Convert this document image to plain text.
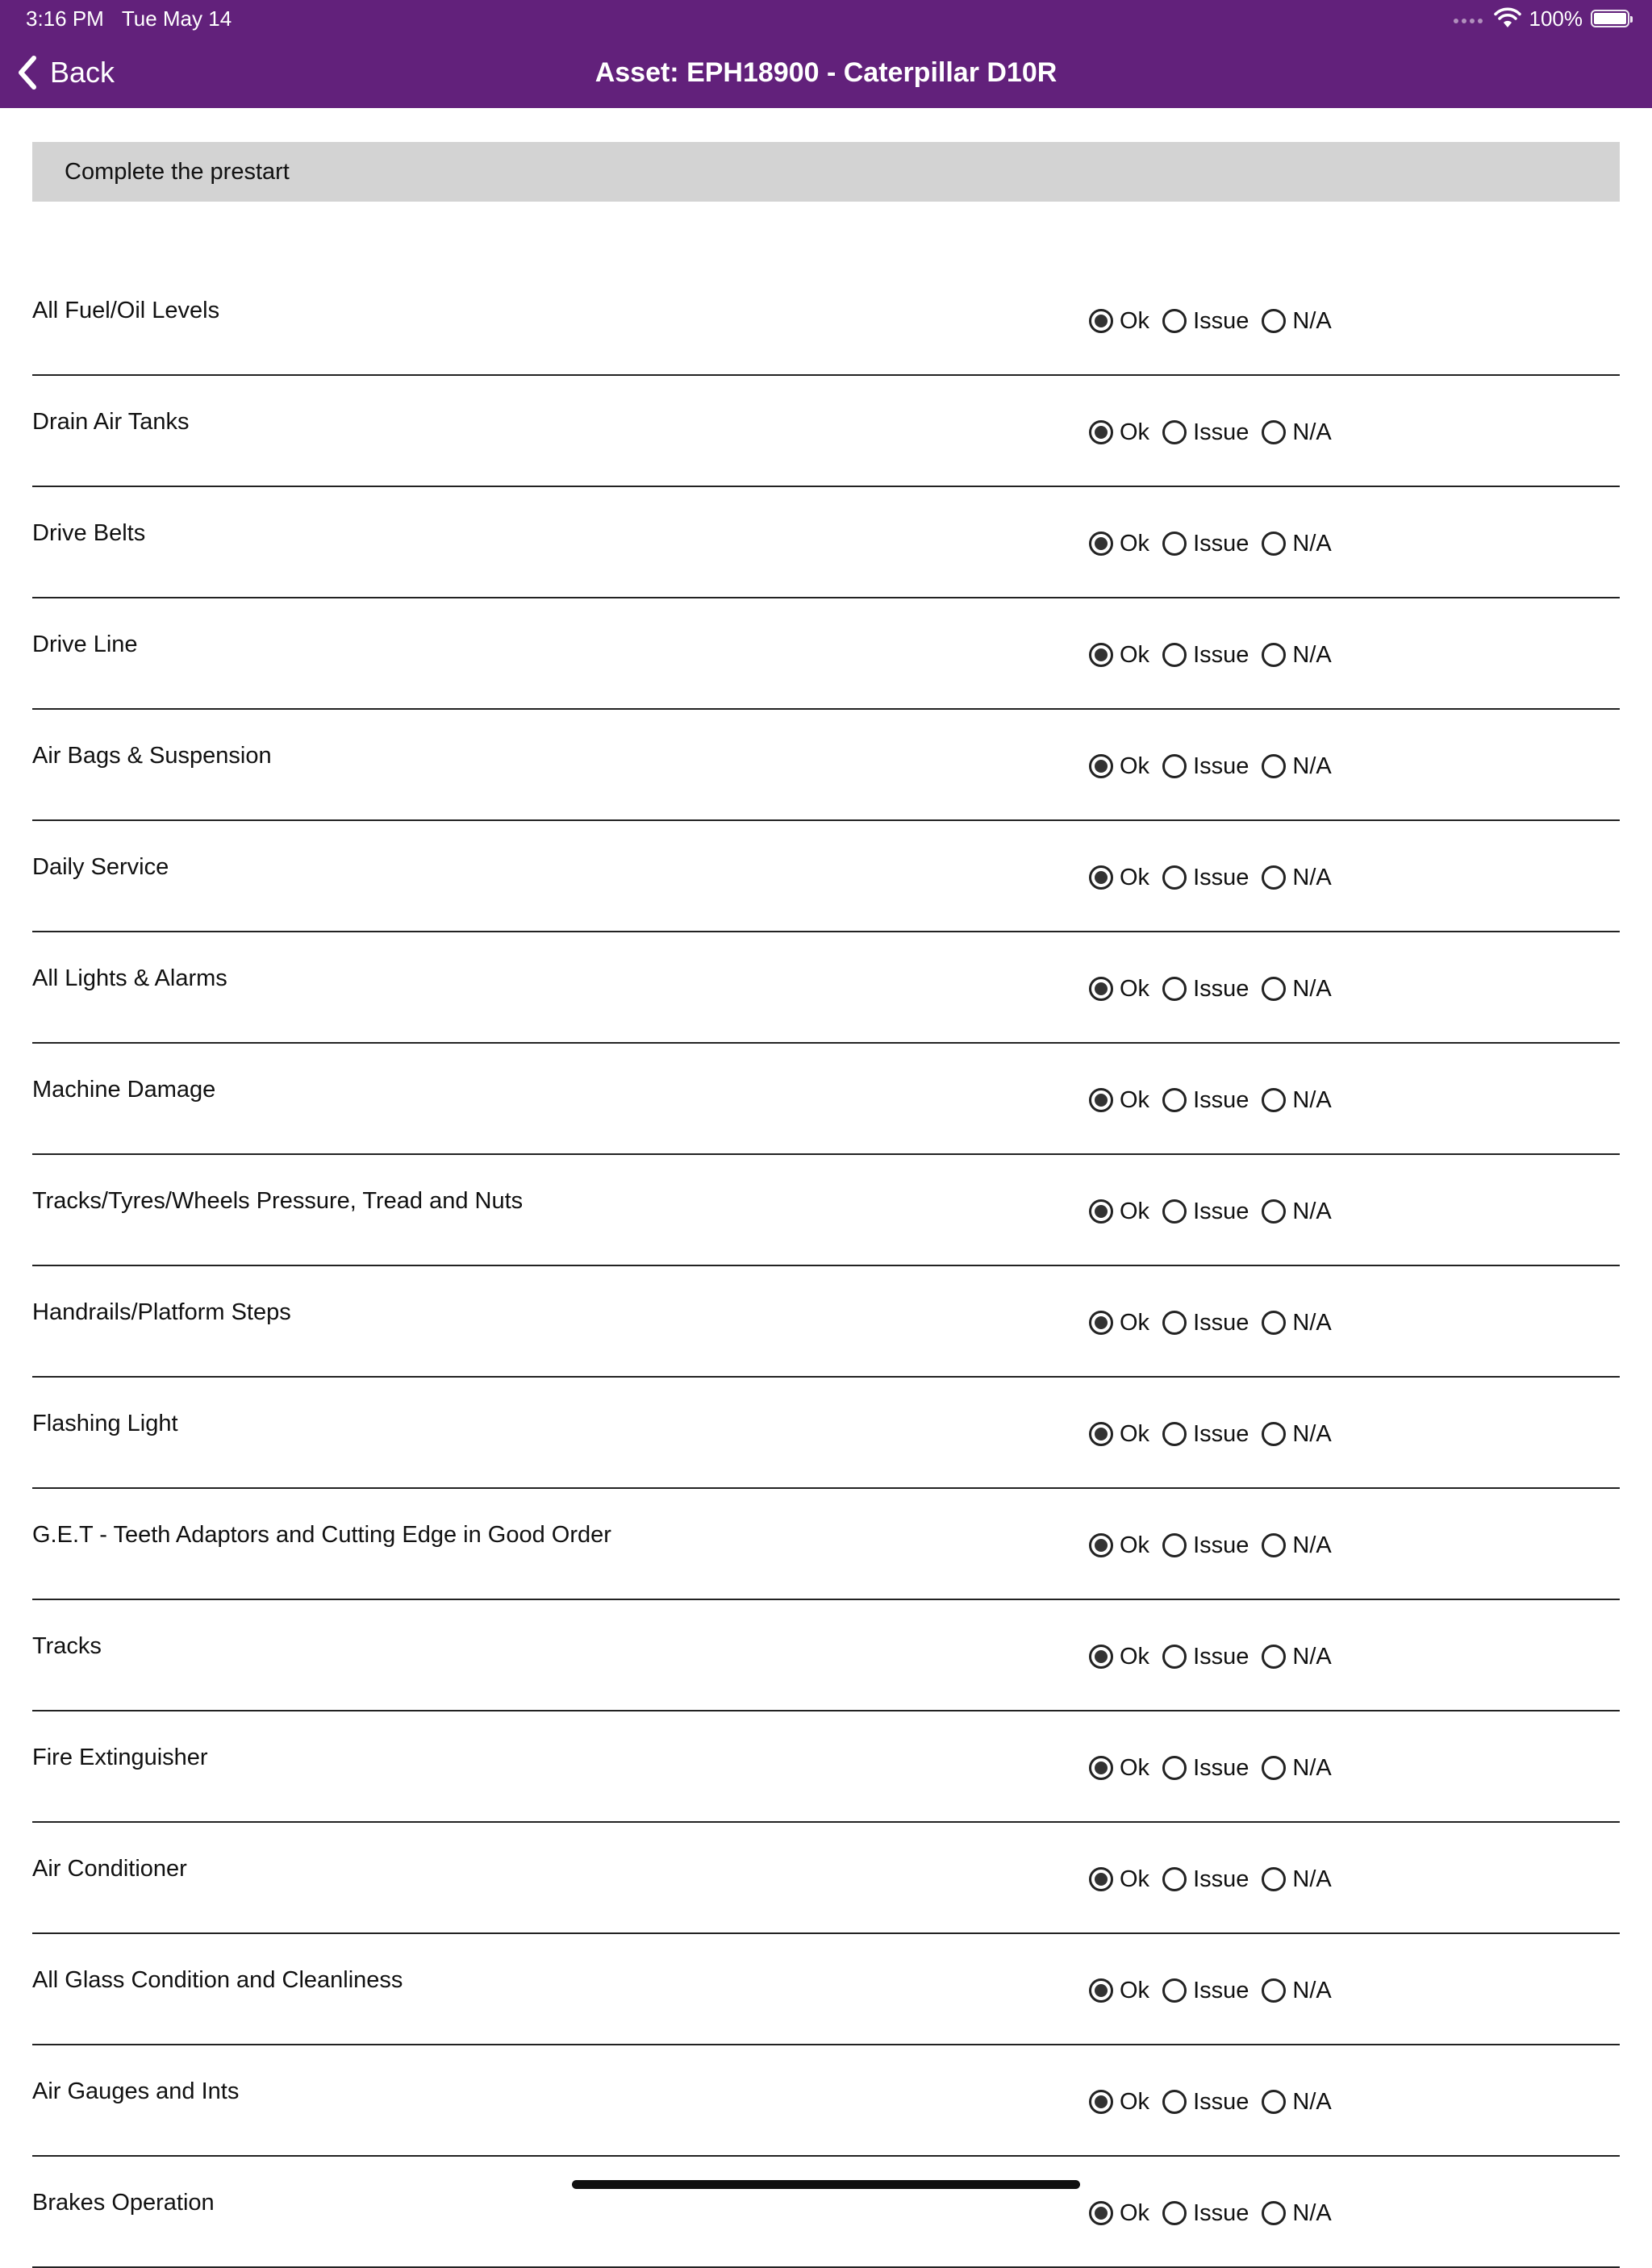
3:16 PM Tue May 14	100%
Asset: EPH18900 - Caterpillar D10R
Back
Complete the prestart
All Fuel/Oil Levels	Ok Issue N/A
Drain Air Tanks	Ok Issue N/A
Drive Belts	Ok Issue N/A
Drive Line	Ok Issue N/A
Air Bags & Suspension	Ok Issue N/A
Daily Service	Ok Issue N/A
All Lights & Alarms	Ok Issue N/A
Machine Damage	Ok Issue N/A
Tracks/Tyres/Wheels Pressure, Tread and Nuts	Ok Issue N/A
Handrails/Platform Steps	Ok Issue N/A
Flashing Light	Ok Issue N/A
G.E.T - Teeth Adaptors and Cutting Edge in Good Order	Ok Issue N/A
Tracks	Ok Issue N/A
Fire Extinguisher	Ok Issue N/A
Air Conditioner	Ok Issue N/A
All Glass Condition and Cleanliness	Ok Issue N/A
Air Gauges and Ints	Ok Issue N/A
Brakes Operation	Ok Issue N/A
